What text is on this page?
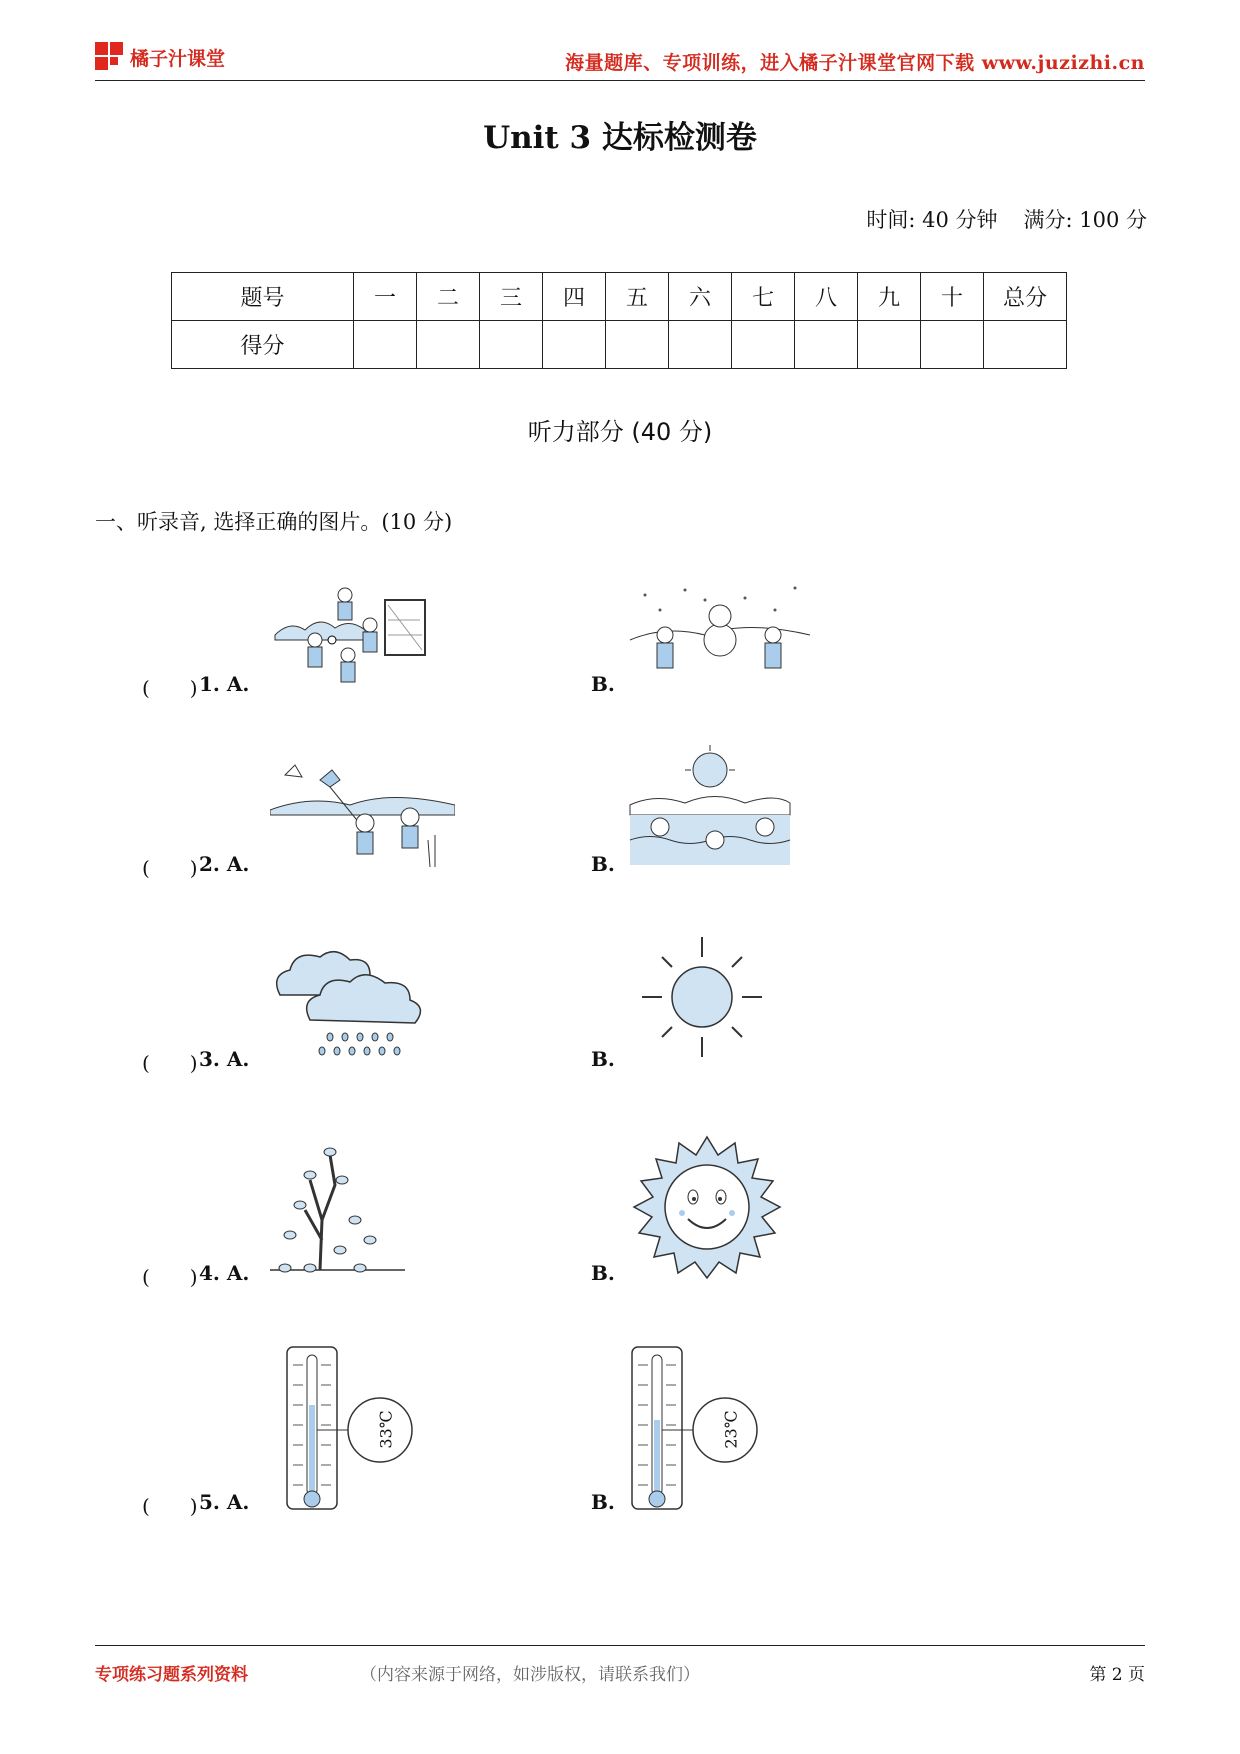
橘子汁课堂	海量题库、专项训练，进入橘子汁课堂官网下载 www.juzizhi.cn
Unit 3 达标检测卷
时间: 40 分钟 满分: 100 分
题号	一	二	三	四	五	六	七	八	九	十	总分
得分											
听力部分 (40 分)
一、听录音, 选择正确的图片。(10 分)
(　　) 1. A.	B.
(　　) 2. A.	B.
(　　) 3. A.	B.
(　　) 4. A.	B.
(　　) 5. A.
33℃
B.
23℃
专项练习题系列资料	（内容来源于网络，如涉版权，请联系我们）	第 2 页
